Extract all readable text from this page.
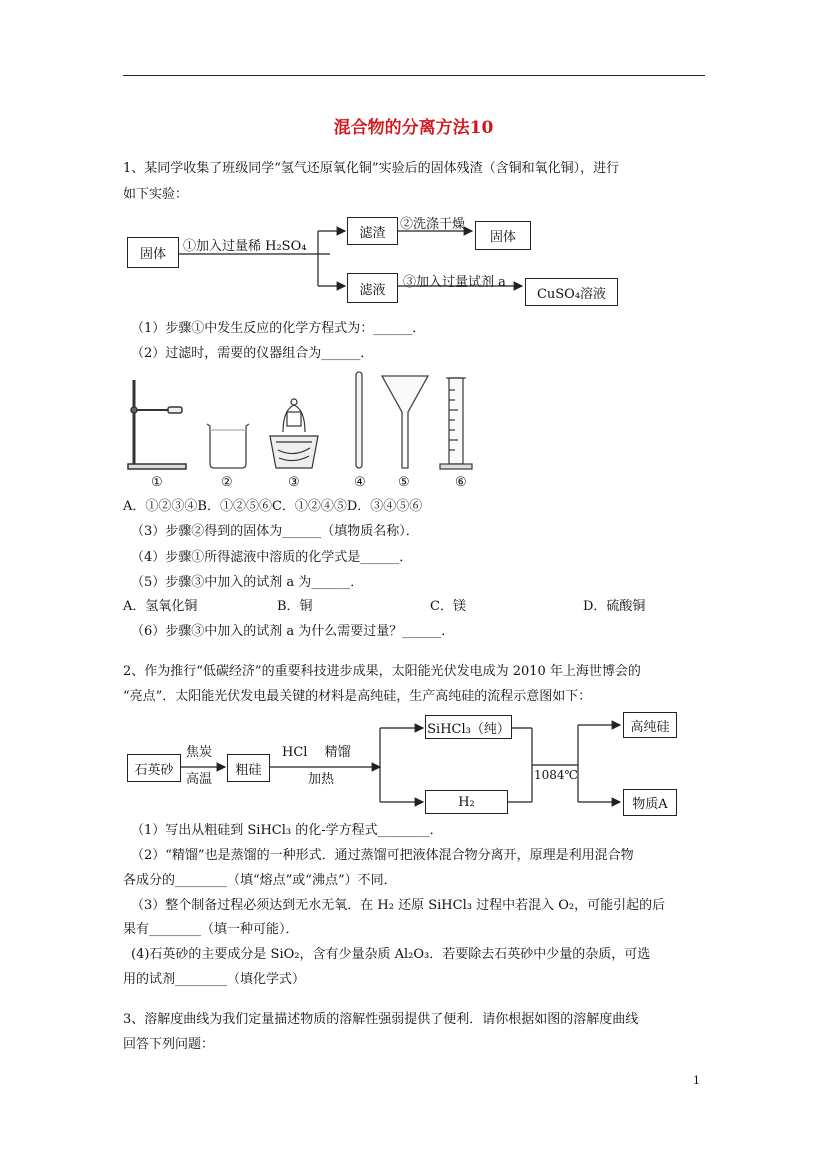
混合物的分离方法10
1、某同学收集了班级同学“氢气还原氧化铜”实验后的固体残渣（含铜和氧化铜），进行
如下实验：
固体
①加入过量稀 H₂SO₄
滤渣
②洗涤干燥
固体
滤液	③加入过量试剂 a
CuSO₄溶液
（1）步骤①中发生反应的化学方程式为：______．
（2）过滤时，需要的仪器组合为______．
①	②	③	④ ⑤	⑥
A．①②③④B．①②⑤⑥C．①②④⑤D．③④⑤⑥
（3）步骤②得到的固体为______（填物质名称）．
（4）步骤①所得滤液中溶质的化学式是______．
（5）步骤③中加入的试剂 a 为______．
A．氢氧化铜	B．铜	C．镁	D．硫酸铜
（6）步骤③中加入的试剂 a 为什么需要过量？______．
2、作为推行“低碳经济”的重要科技进步成果，太阳能光伏发电成为 2010 年上海世博会的
“亮点”．太阳能光伏发电最关键的材料是高纯硅，生产高纯硅的流程示意图如下：
石英砂
焦炭
高温
粗硅
HCl　 精馏
加热
SiHCl₃（纯）
H₂
1084℃
高纯硅
物质A
（1）写出从粗硅到 SiHCl₃ 的化-学方程式________．
（2）“精馏”也是蒸馏的一种形式．通过蒸馏可把液体混合物分离开，原理是利用混合物
各成分的________（填“熔点”或“沸点”）不同．
（3）整个制备过程必须达到无水无氧．在 H₂ 还原 SiHCl₃ 过程中若混入 O₂，可能引起的后
果有________（填一种可能）．
(4)石英砂的主要成分是 SiO₂，含有少量杂质 Al₂O₃．若要除去石英砂中少量的杂质，可选
用的试剂________（填化学式）
3、溶解度曲线为我们定量描述物质的溶解性强弱提供了便利．请你根据如图的溶解度曲线
回答下列问题：
1
